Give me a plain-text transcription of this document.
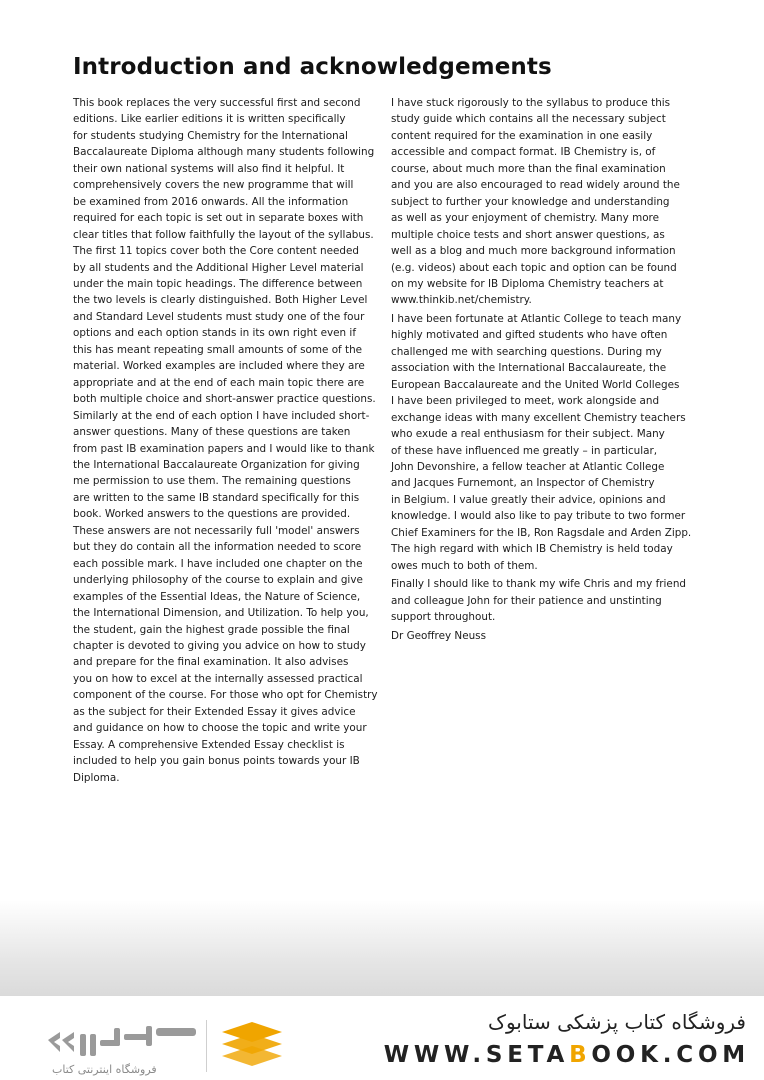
Introduction and acknowledgements

This book replaces the very successful first and second
editions. Like earlier editions it is written specifically
for students studying Chemistry for the International
Baccalaureate Diploma although many students following
their own national systems will also find it helpful. It
comprehensively covers the new programme that will
be examined from 2016 onwards. All the information
required for each topic is set out in separate boxes with
clear titles that follow faithfully the layout of the syllabus.
The first 11 topics cover both the Core content needed
by all students and the Additional Higher Level material
under the main topic headings. The difference between
the two levels is clearly distinguished. Both Higher Level
and Standard Level students must study one of the four
options and each option stands in its own right even if
this has meant repeating small amounts of some of the
material. Worked examples are included where they are
appropriate and at the end of each main topic there are
both multiple choice and short-answer practice questions.
Similarly at the end of each option I have included short-
answer questions. Many of these questions are taken
from past IB examination papers and I would like to thank
the International Baccalaureate Organization for giving
me permission to use them. The remaining questions
are written to the same IB standard specifically for this
book. Worked answers to the questions are provided.
These answers are not necessarily full 'model' answers
but they do contain all the information needed to score
each possible mark. I have included one chapter on the
underlying philosophy of the course to explain and give
examples of the Essential Ideas, the Nature of Science,
the International Dimension, and Utilization. To help you,
the student, gain the highest grade possible the final
chapter is devoted to giving you advice on how to study
and prepare for the final examination. It also advises
you on how to excel at the internally assessed practical
component of the course. For those who opt for Chemistry
as the subject for their Extended Essay it gives advice
and guidance on how to choose the topic and write your
Essay. A comprehensive Extended Essay checklist is
included to help you gain bonus points towards your IB
Diploma.

I have stuck rigorously to the syllabus to produce this
study guide which contains all the necessary subject
content required for the examination in one easily
accessible and compact format. IB Chemistry is, of
course, about much more than the final examination
and you are also encouraged to read widely around the
subject to further your knowledge and understanding
as well as your enjoyment of chemistry. Many more
multiple choice tests and short answer questions, as
well as a blog and much more background information
(e.g. videos) about each topic and option can be found
on my website for IB Diploma Chemistry teachers at
www.thinkib.net/chemistry.

I have been fortunate at Atlantic College to teach many
highly motivated and gifted students who have often
challenged me with searching questions. During my
association with the International Baccalaureate, the
European Baccalaureate and the United World Colleges
I have been privileged to meet, work alongside and
exchange ideas with many excellent Chemistry teachers
who exude a real enthusiasm for their subject. Many
of these have influenced me greatly – in particular,
John Devonshire, a fellow teacher at Atlantic College
and Jacques Furnemont, an Inspector of Chemistry
in Belgium. I value greatly their advice, opinions and
knowledge. I would also like to pay tribute to two former
Chief Examiners for the IB, Ron Ragsdale and Arden Zipp.
The high regard with which IB Chemistry is held today
owes much to both of them.

Finally I should like to thank my wife Chris and my friend
and colleague John for their patience and unstinting
support throughout.

Dr Geoffrey Neuss

فروشگاه اینترنتی کتاب
فروشگاه کتاب پزشکی ستابوک
WWW.SETABOOK.COM
